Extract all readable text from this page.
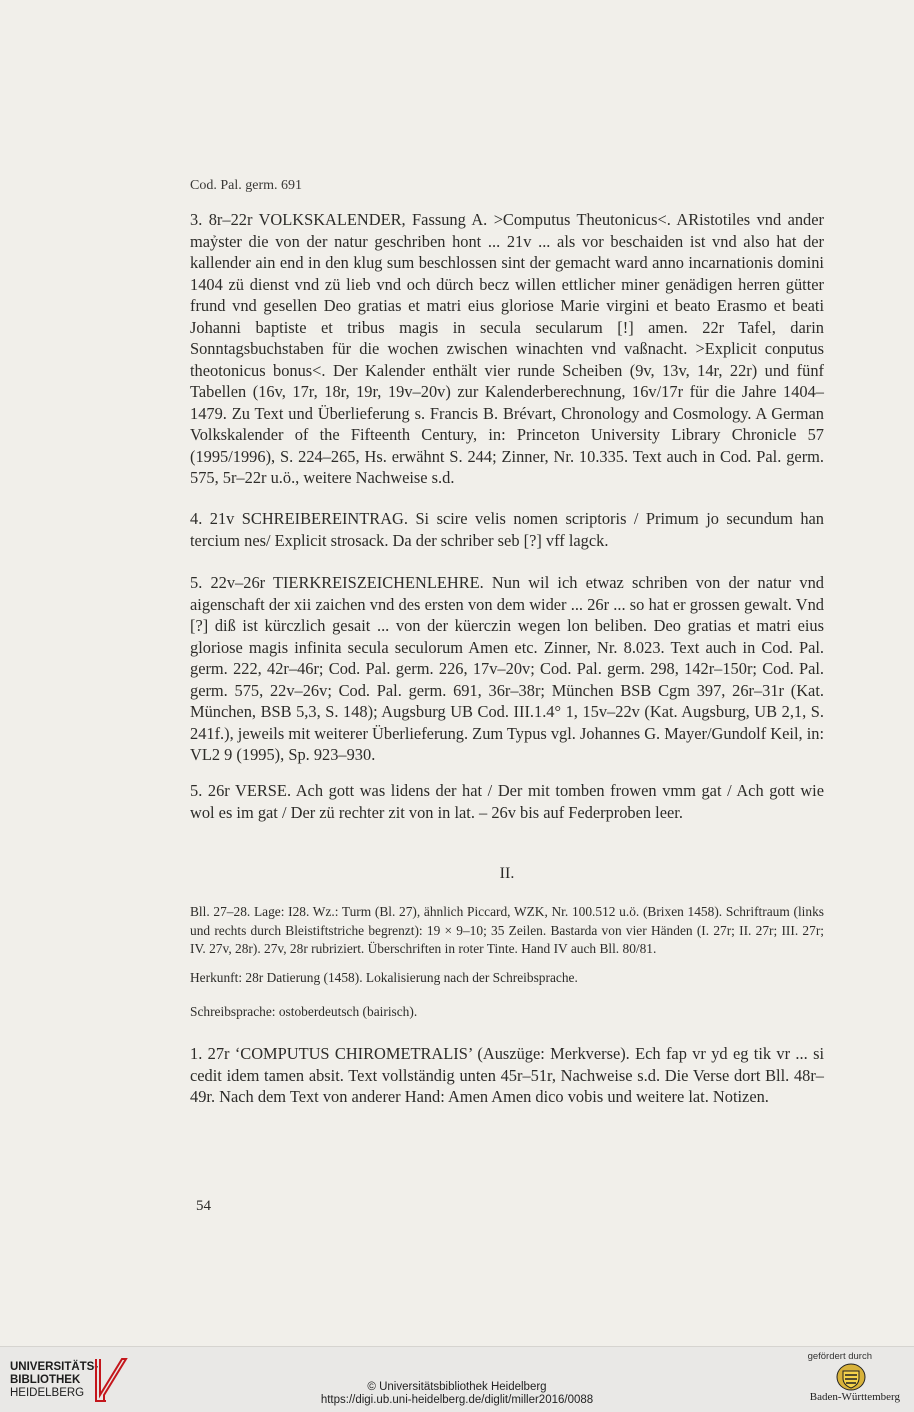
Cod. Pal. germ. 691
3. 8r–22r VOLKSKALENDER, Fassung A. >Computus Theutonicus<. ARistotiles vnd ander maỷster die von der natur geschriben hont ... 21v ... als vor beschaiden ist vnd also hat der kallender ain end in den klug sum beschlossen sint der gemacht ward anno incarnationis domini 1404 zü dienst vnd zü lieb vnd och dürch becz willen ettlicher miner genädigen herren gütter frund vnd gesellen Deo gratias et matri eius gloriose Marie virgini et beato Erasmo et beati Johanni baptiste et tribus magis in secula secularum [!] amen. 22r Tafel, darin Sonntagsbuchstaben für die wochen zwischen winachten vnd vaßnacht. >Explicit conputus theotonicus bonus<. Der Kalender enthält vier runde Scheiben (9v, 13v, 14r, 22r) und fünf Tabellen (16v, 17r, 18r, 19r, 19v–20v) zur Kalenderberechnung, 16v/17r für die Jahre 1404–1479. Zu Text und Überlieferung s. Francis B. Brévart, Chronology and Cosmology. A German Volkskalender of the Fifteenth Century, in: Princeton University Library Chronicle 57 (1995/1996), S. 224–265, Hs. erwähnt S. 244; Zinner, Nr. 10.335. Text auch in Cod. Pal. germ. 575, 5r–22r u.ö., weitere Nachweise s.d.
4. 21v SCHREIBEREINTRAG. Si scire velis nomen scriptoris / Primum jo secundum han tercium nes/ Explicit strosack. Da der schriber seb [?] vff lagck.
5. 22v–26r TIERKREISZEICHENLEHRE. Nun wil ich etwaz schriben von der natur vnd aigenschaft der xii zaichen vnd des ersten von dem wider ... 26r ... so hat er grossen gewalt. Vnd [?] diß ist kürczlich gesait ... von der küerczin wegen lon beliben. Deo gratias et matri eius gloriose magis infinita secula seculorum Amen etc. Zinner, Nr. 8.023. Text auch in Cod. Pal. germ. 222, 42r–46r; Cod. Pal. germ. 226, 17v–20v; Cod. Pal. germ. 298, 142r–150r; Cod. Pal. germ. 575, 22v–26v; Cod. Pal. germ. 691, 36r–38r; München BSB Cgm 397, 26r–31r (Kat. München, BSB 5,3, S. 148); Augsburg UB Cod. III.1.4° 1, 15v–22v (Kat. Augsburg, UB 2,1, S. 241f.), jeweils mit weiterer Überlieferung. Zum Typus vgl. Johannes G. Mayer/Gundolf Keil, in: VL2 9 (1995), Sp. 923–930.
5. 26r VERSE. Ach gott was lidens der hat / Der mit tomben frowen vmm gat / Ach gott wie wol es im gat / Der zü rechter zit von in lat. – 26v bis auf Federproben leer.
II.
Bll. 27–28. Lage: I28. Wz.: Turm (Bl. 27), ähnlich Piccard, WZK, Nr. 100.512 u.ö. (Brixen 1458). Schriftraum (links und rechts durch Bleistiftstriche begrenzt): 19 × 9–10; 35 Zeilen. Bastarda von vier Händen (I. 27r; II. 27r; III. 27r; IV. 27v, 28r). 27v, 28r rubriziert. Überschriften in roter Tinte. Hand IV auch Bll. 80/81.
Herkunft: 28r Datierung (1458). Lokalisierung nach der Schreibsprache.
Schreibsprache: ostoberdeutsch (bairisch).
1. 27r ‘COMPUTUS CHIROMETRALIS’ (Auszüge: Merkverse). Ech fap vr yd eg tik vr ... si cedit idem tamen absit. Text vollständig unten 45r–51r, Nachweise s.d. Die Verse dort Bll. 48r–49r. Nach dem Text von anderer Hand: Amen Amen dico vobis und weitere lat. Notizen.
54
UNIVERSITÄTS-
BIBLIOTHEK
HEIDELBERG	© Universitätsbibliothek Heidelberg
https://digi.ub.uni-heidelberg.de/diglit/miller2016/0088
gefördert durch
Baden-Württemberg
